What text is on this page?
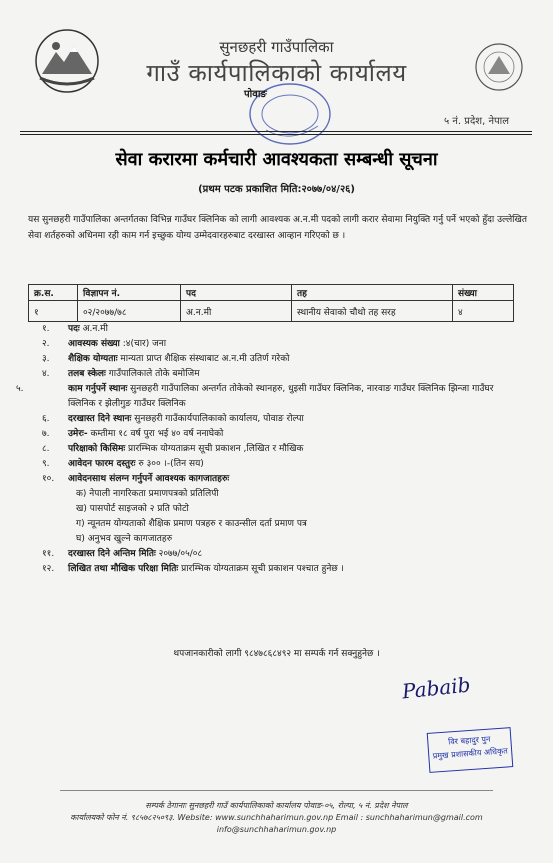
सुनछहरी गाउँपालिका
गाउँ कार्यपालिकाको कार्यालय
पोवाङ
५ नं. प्रदेश, नेपाल
सेवा करारमा कर्मचारी आवश्यकता सम्बन्धी सूचना
(प्रथम पटक प्रकाशित मिति:२०७७/०४/२६)
यस सुनछहरी गाउँपालिका अन्तर्गतका विभिन्न गाउँघर क्लिनिक को लागी आवश्यक अ.न.मी पदको लागी करार सेवामा नियुक्ति गर्नु पर्ने भएको हुँदा उल्लेखित सेवा शर्तहरुको अधिनमा रही काम गर्न इच्छुक योग्य उम्मेदवारहरुबाट दरखास्त आव्हान गरिएको छ ।
क्र.स.	विज्ञापन नं.	पद	तह	संख्या
१	०२/२०७७/७८	अ.न.मी	स्थानीय सेवाको चौथो तह सरह	४

१. पदः अ.न.मी

२. आवस्यक संख्या :४(चार) जना

३. शैक्षिक योग्यताः मान्यता प्राप्त शैक्षिक संस्थाबाट अ.न.मी उतिर्ण गरेको

४. तलब स्केलः गाउँपालिकाले तोके बमोजिम

५.	काम गर्नुपर्ने स्थानः सुनछहरी गाउँपालिका अन्तर्गत तोकेको स्थानहरु, धुइसी गाउँघर क्लिनिक, नारवाङ गाउँघर क्लिनिक झिन्जा गाउँघर क्लिनिक र झेलीगुङ गाउँघर क्लिनिक

६. दरखास्त दिने स्थानः सुनछहरी गाउँकार्यपालिकाको कार्यालय, पोवाङ रोल्पा

७. उमेरः- कम्तीमा १८ वर्ष पुरा भई ४० वर्ष ननाघेको

८. परिक्षाको किसिमः प्रारम्भिक योग्यताक्रम सूची प्रकाशन ,लिखित र मौखिक

९. आवेदन फारम दस्तुरः रु ३०० ।-(तिन सय)

१०. आवेदनसाथ संलग्न गर्नुपर्ने आवश्यक कागजातहरुः

क) नेपाली नागरिकता प्रमाणपत्रको प्रतिलिपी

ख) पासपोर्ट साइजको २ प्रति फोटो

ग) न्यूनतम योग्यताको शैक्षिक प्रमाण पत्रहरु र काउन्सील दर्ता प्रमाण पत्र

घ) अनुभव खुल्ने कागजातहरु

११. दरखास्त दिने अन्तिम मितिः २०७७/०५/०८

१२. लिखित तथा मौखिक परिक्षा मितिः प्रारम्भिक योग्यताक्रम सूची प्रकाशन पश्चात हुनेछ ।

थपजानकारीको लागी ९८४७८६८४९२ मा सम्पर्क गर्न सक्नुहुनेछ ।
Pabaib
विर बहादुर पुन
प्रमुख प्रशासकीय अधिकृत
सम्पर्क ठेगानाः सुनछहरी गाउँ कार्यपालिकाको कार्यालय पोवाङ-०५, रोल्पा, ५ नं. प्रदेश नेपाल
कार्यालयको फोन नं. ९८५७८२५०९३. Website: www.sunchhaharimun.gov.np Email : sunchhaharimun@gmail.com
info@sunchhaharimun.gov.np
